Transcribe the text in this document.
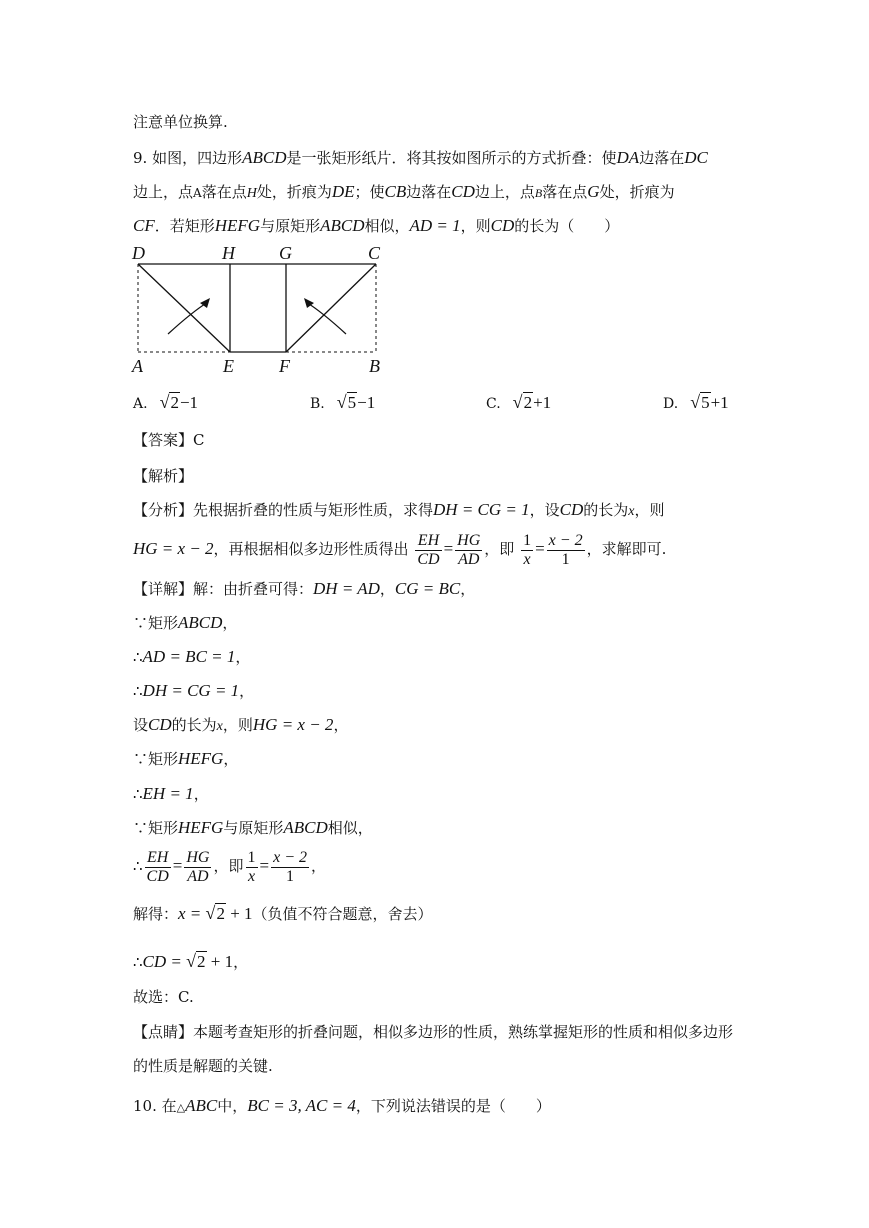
注意单位换算.
9. 如图，四边形ABCD是一张矩形纸片．将其按如图所示的方式折叠：使DA边落在DC
边上，点A落在点H处，折痕为DE；使CB边落在CD边上，点B落在点G处，折痕为
CF．若矩形HEFG与原矩形ABCD相似，AD = 1，则CD的长为（　　）
D	H G	C
A	E	F	B
A. √2−1	B. √5−1	C. √2+1	D. √5+1
【答案】C
【解析】
【分析】先根据折叠的性质与矩形性质，求得DH = CG = 1，设CD的长为x，则
HG = x − 2，再根据相似多边形性质得出 $\frac{EH}{CD} = \frac{HG}{AD}$ ，即 $\frac{1}{x} = \frac{x - 2}{1}$ ，求解即可.
【详解】解：由折叠可得：DH = AD，CG = BC，
∵矩形ABCD，
∴AD = BC = 1，
∴DH = CG = 1，
设CD的长为x，则HG = x − 2，
∵矩形HEFG，
∴EH = 1，
∵矩形HEFG与原矩形ABCD相似，
∴ $\frac{EH}{CD} = \frac{HG}{AD}$ ，即 $\frac{1}{x} = \frac{x - 2}{1}$ ，
解得：x = √2 + 1（负值不符合题意，舍去）
∴CD = √2 + 1，
故选：C.
【点睛】本题考查矩形的折叠问题，相似多边形的性质，熟练掌握矩形的性质和相似多边形
的性质是解题的关键.
10. 在△ABC中，BC = 3, AC = 4，下列说法错误的是（　　）
